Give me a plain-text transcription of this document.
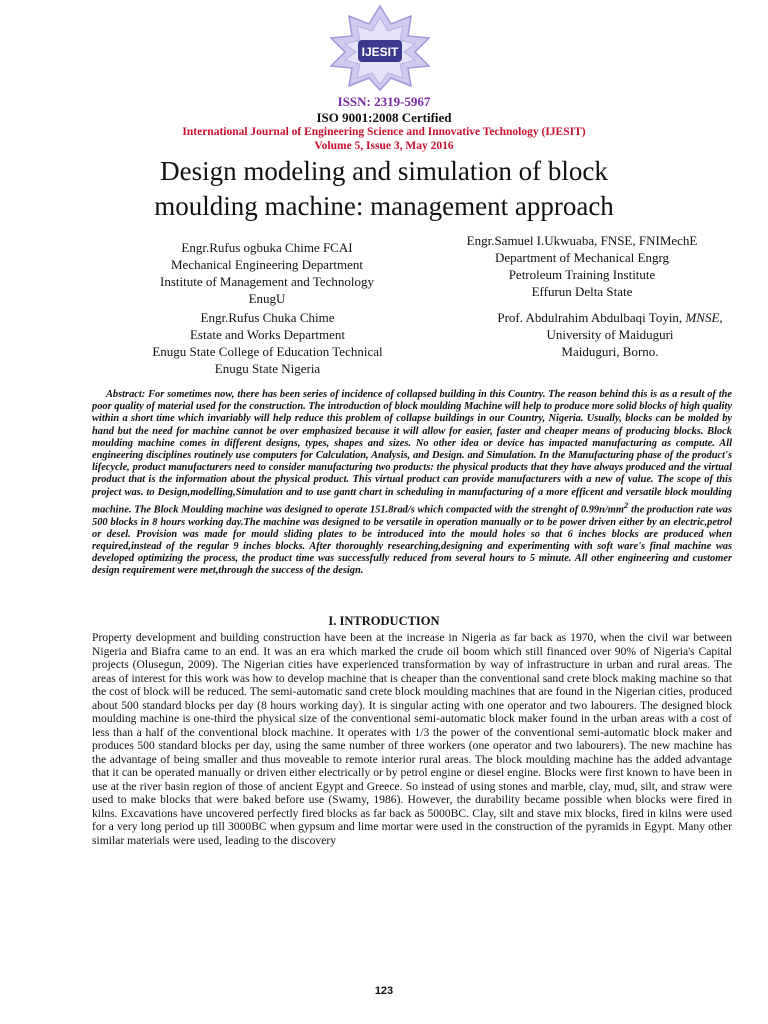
IJESIT
ISSN: 2319-5967
ISO 9001:2008 Certified
International Journal of Engineering Science and Innovative Technology (IJESIT)
Volume 5, Issue 3, May 2016
Design modeling and simulation of block
moulding machine: management approach
Engr.Rufus ogbuka Chime FCAI
Mechanical Engineering Department
Institute of Management and Technology
EnugU
Engr.Samuel I.Ukwuaba, FNSE, FNIMechE
Department of Mechanical Engrg
Petroleum Training Institute
Effurun Delta State
Engr.Rufus Chuka Chime
Estate and Works Department
Enugu State College of Education Technical
Enugu State Nigeria
Prof. Abdulrahim Abdulbaqi Toyin, MNSE,
University of Maiduguri
Maiduguri, Borno.

Abstract: For sometimes now, there has been series of incidence of collapsed building in this Country. The reason behind this is as a result of the poor quality of material used for the construction. The introduction of block moulding Machine will help to produce more solid blocks of high quality within a short time which invariably will help reduce this problem of collapse buildings in our Country, Nigeria. Usually, blocks can be molded by hand but the need for machine cannot be over emphasized because it will allow for easier, faster and cheaper means of producing blocks. Block moulding machine comes in different designs, types, shapes and sizes. No other idea or device has impacted manufacturing as compute. All engineering disciplines routinely use computers for Calculation, Analysis, and Design. and Simulation. In the Manufacturing phase of the product's lifecycle, product manufacturers need to consider manufacturing two products: the physical products that they have always produced and the virtual product that is the information about the physical product. This virtual product can provide manufacturers with a new of value. The scope of this project was. to Design,modelling,Simulation and to use gantt chart in scheduling in manufacturing of a more efficent and versatile block moulding machine. The Block Moulding machine was designed to operate 151.8rad/s which compacted with the strenght of $0.99n/mm^2$ the production rate was 500 blocks in 8 hours working day.The machine was designed to be versatile in operation manually or to be power driven either by an electric,petrol or desel. Provision was made for mould sliding plates to be introduced into the mould holes so that 6 inches blocks are produced when required,instead of the regular 9 inches blocks. After thoroughly researching,designing and experimenting with soft ware's final machine was developed optimizing the process, the product time was successfully reduced from several hours to 5 minute. All other engineering and customer design requirement were met,through the success of the design.

I. INTRODUCTION

Property development and building construction have been at the increase in Nigeria as far back as 1970, when the civil war between Nigeria and Biafra came to an end. It was an era which marked the crude oil boom which still financed over 90% of Nigeria's Capital projects (Olusegun, 2009). The Nigerian cities have experienced transformation by way of infrastructure in urban and rural areas. The areas of interest for this work was how to develop machine that is cheaper than the conventional sand crete block making machine so that the cost of block will be reduced. The semi-automatic sand crete block moulding machines that are found in the Nigerian cities, produced about 500 standard blocks per day (8 hours working day). It is singular acting with one operator and two labourers. The designed block moulding machine is one-third the physical size of the conventional semi-automatic block maker found in the urban areas with a cost of less than a half of the conventional block machine. It operates with 1/3 the power of the conventional semi-automatic block maker and produces 500 standard blocks per day, using the same number of three workers (one operator and two labourers). The new machine has the advantage of being smaller and thus moveable to remote interior rural areas. The block moulding machine has the added advantage that it can be operated manually or driven either electrically or by petrol engine or diesel engine. Blocks were first known to have been in use at the river basin region of those of ancient Egypt and Greece. So instead of using stones and marble, clay, mud, silt, and straw were used to make blocks that were baked before use (Swamy, 1986). However, the durability became possible when blocks were fired in kilns. Excavations have uncovered perfectly fired blocks as far back as 5000BC. Clay, silt and stave mix blocks, fired in kilns were used for a very long period up till 3000BC when gypsum and lime mortar were used in the construction of the pyramids in Egypt. Many other similar materials were used, leading to the discovery

123
